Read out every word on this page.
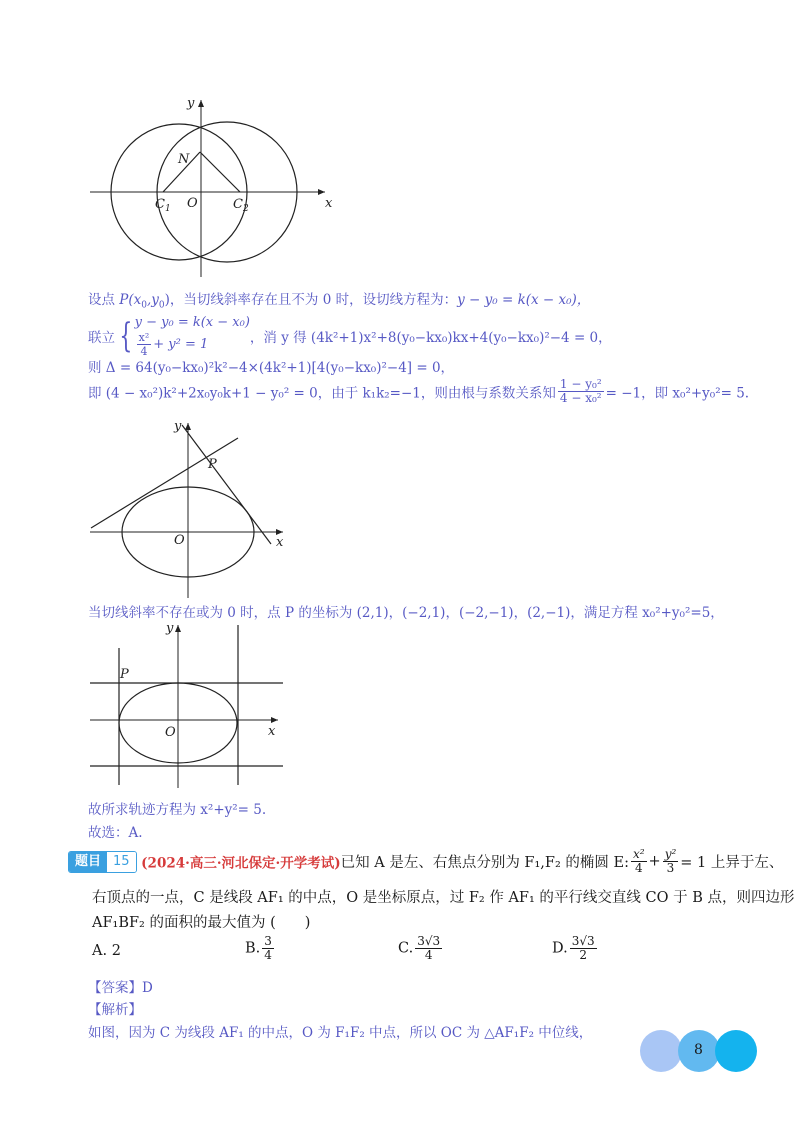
y
x
N
O
$C_1$	$C_2$
设点 $P(x_0,y_0)$，当切线斜率存在且不为 0 时，设切线方程为：y − y₀ = k(x − x₀)，
联立 { y − y₀ = k(x − x₀)
$\frac{\text{x²}}{4} + y^2 = 1$	，消 y 得 (4k²+1)x²+8(y₀−kx₀)kx+4(y₀−kx₀)²−4 = 0，
则 Δ = 64(y₀−kx₀)²k²−4×(4k²+1)[4(y₀−kx₀)²−4] = 0，
即 (4 − x₀²)k²+2x₀y₀k+1 − y₀² = 0，由于 k₁k₂=−1，则由根与系数关系知 $\frac{\text{1 − y₀²}}{\text{4 − x₀²}} = -1$，即 x₀²+y₀²= 5.
y
x
O
P
当切线斜率不存在或为 0 时，点 P 的坐标为 (2,1)，(−2,1)，(−2,−1)，(2,−1)，满足方程 x₀²+y₀²=5，
y
x
O
P
故所求轨迹方程为 x²+y²= 5.
故选：A.
题目 15 (2024·高三·河北保定·开学考试)已知 A 是左、右焦点分别为 F₁,F₂ 的椭圆 E: $\frac{\text{x²}}{4} + \frac{\text{y²}}{3} = 1$ 上异于左、
右顶点的一点，C 是线段 AF₁ 的中点，O 是坐标原点，过 F₂ 作 AF₁ 的平行线交直线 CO 于 B 点，则四边形
AF₁BF₂ 的面积的最大值为 (　　)
A. 2	B. $\frac{3}{4}$	C. $\frac{3√3}{4}$	D. $\frac{3√3}{2}$
【答案】D
【解析】
如图，因为 C 为线段 AF₁ 的中点，O 为 F₁F₂ 中点，所以 OC 为 △AF₁F₂ 中位线，
8
